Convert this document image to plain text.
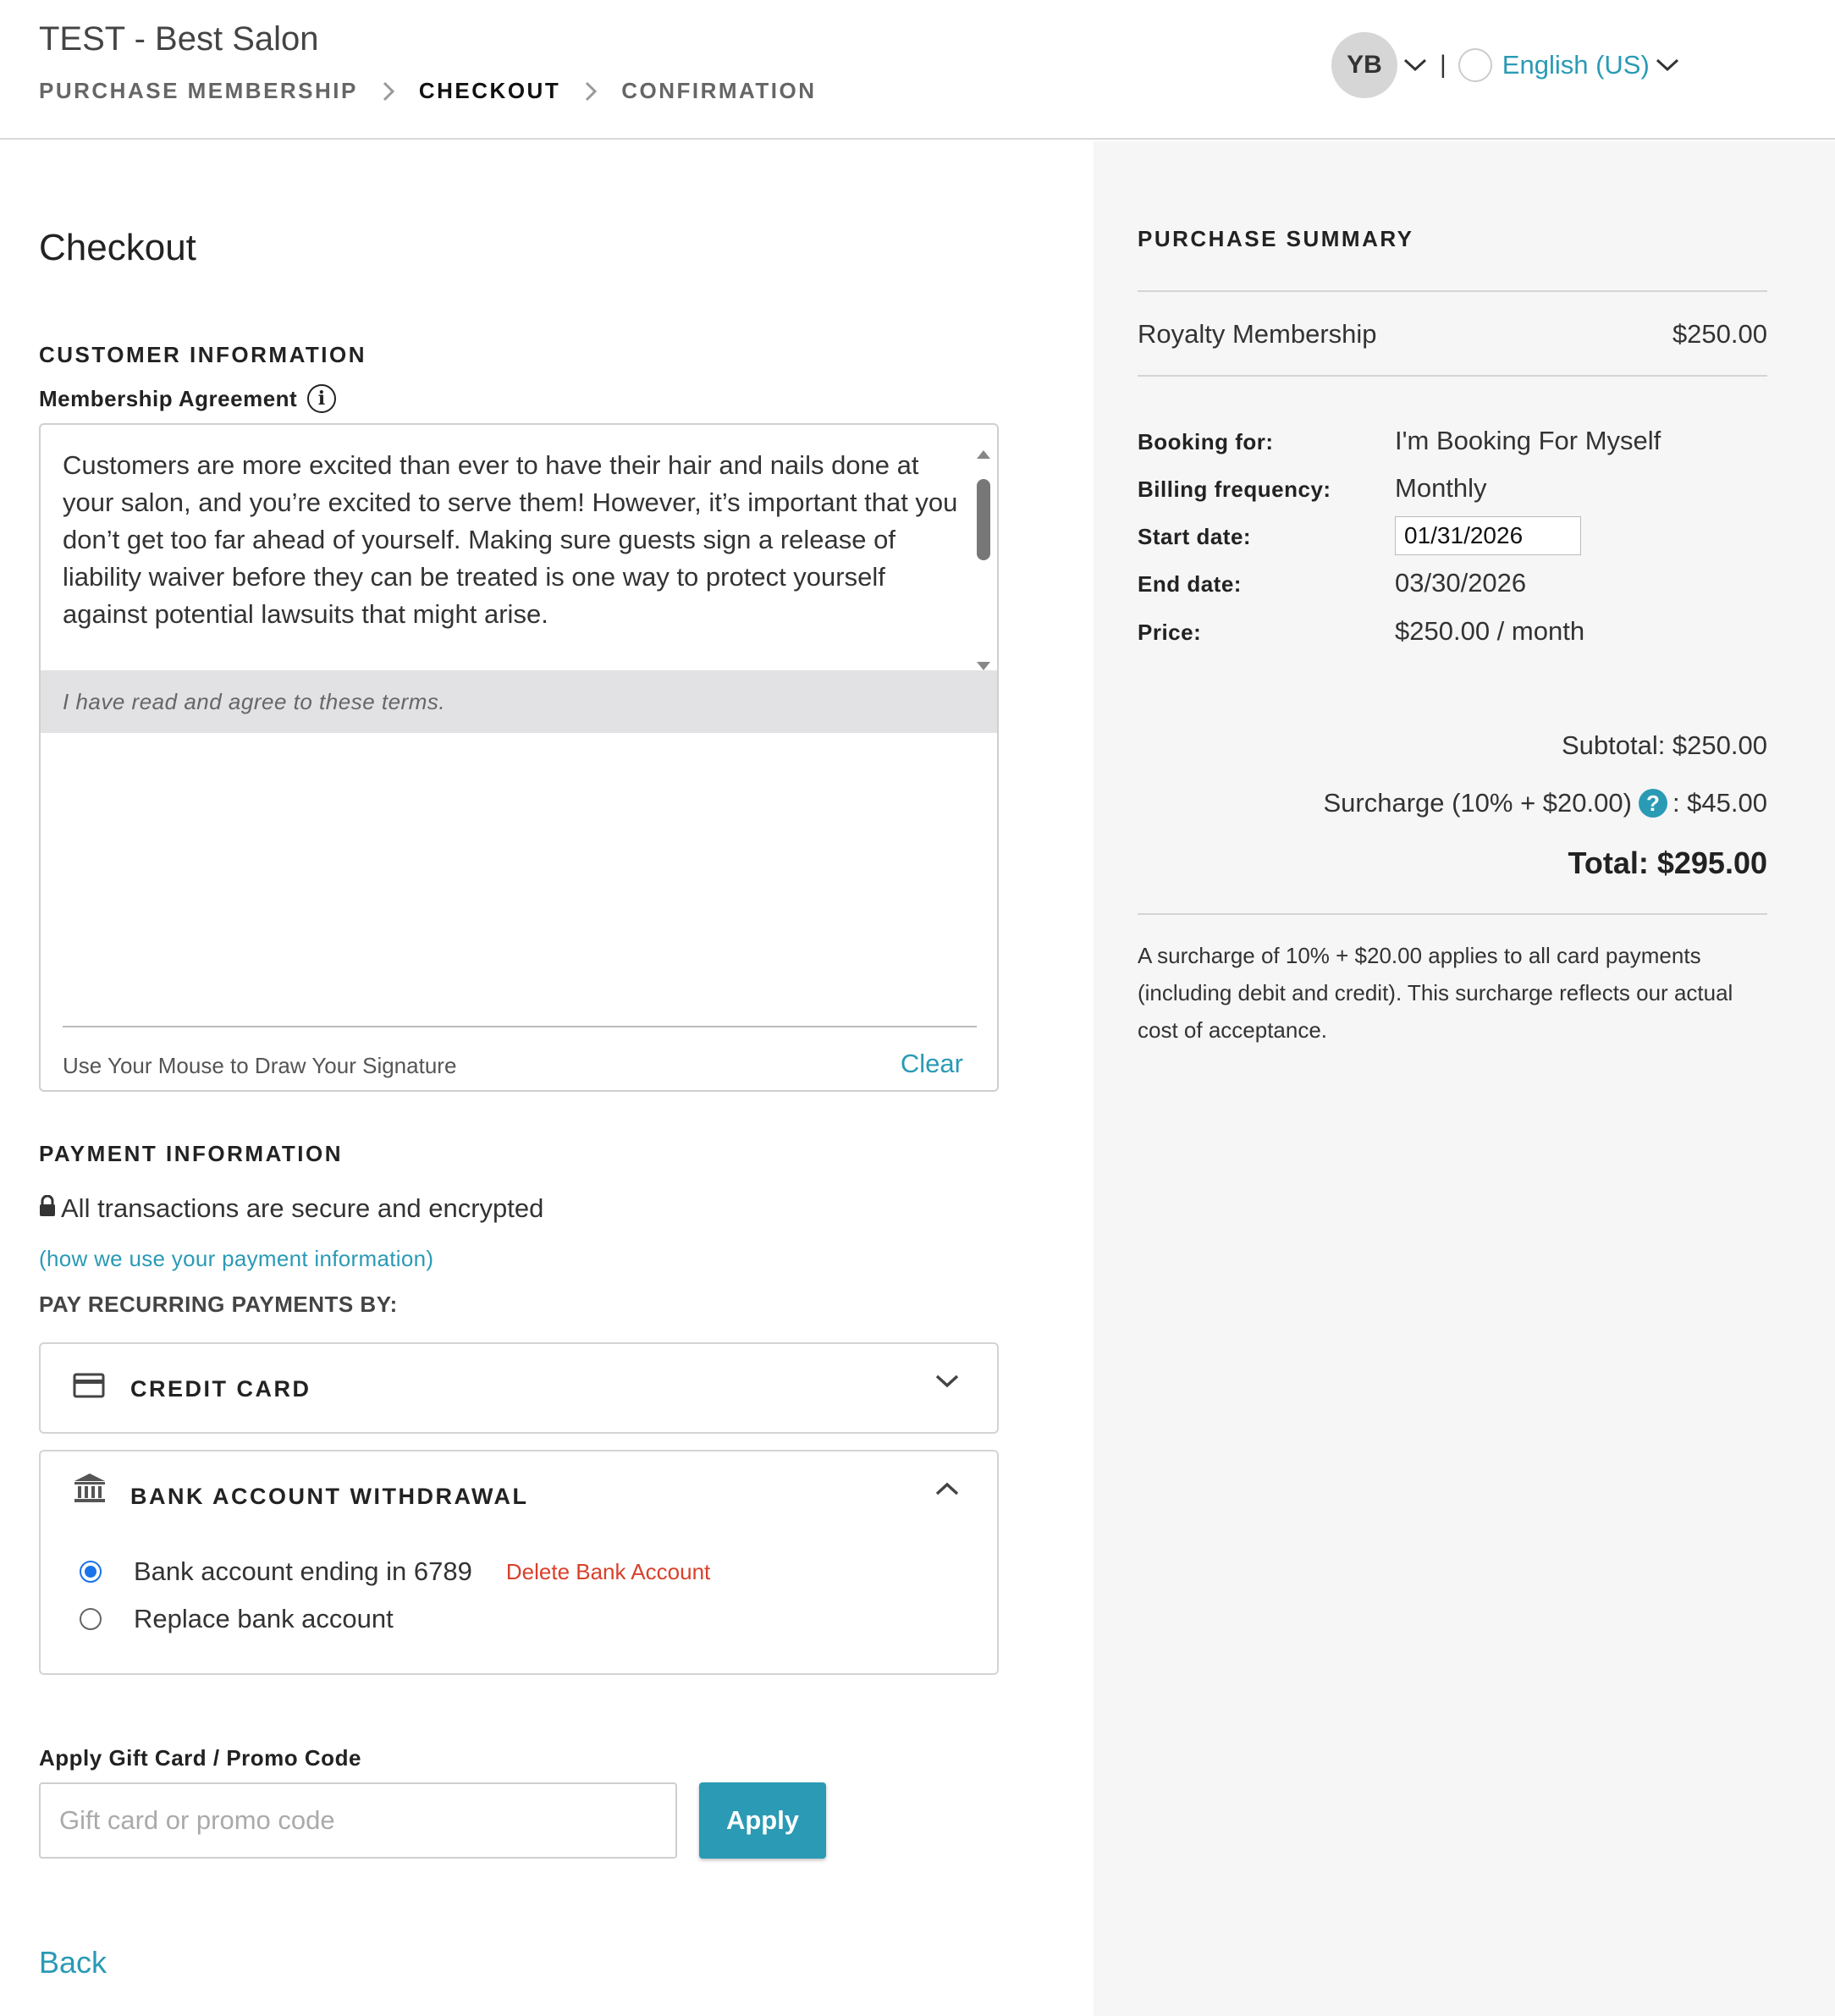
TEST - Best Salon
PURCHASE MEMBERSHIP	CHECKOUT	CONFIRMATION
YB	| English (US)
Checkout
CUSTOMER INFORMATION
Membership Agreement	i
Customers are more excited than ever to have their hair and nails done at your salon, and you’re excited to serve them! However, it’s important that you don’t get too far ahead of yourself. Making sure guests sign a release of liability waiver before they can be treated is one way to protect yourself against potential lawsuits that might arise.
I have read and agree to these terms.
Use Your Mouse to Draw Your Signature	Clear
PAYMENT INFORMATION
All transactions are secure and encrypted
(how we use your payment information)
PAY RECURRING PAYMENTS BY:
CREDIT CARD
BANK ACCOUNT WITHDRAWAL
Bank account ending in 6789 Delete Bank Account
Replace bank account
Apply Gift Card / Promo Code
Gift card or promo code
Apply
Back
PURCHASE SUMMARY
Royalty Membership	$250.00
Booking for:	I'm Booking For Myself
Billing frequency: Monthly
Start date:
01/31/2026
End date:	03/30/2026
Price:	$250.00 / month
Subtotal: $250.00
Surcharge (10% + $20.00) ? : $45.00
Total: $295.00
A surcharge of 10% + $20.00 applies to all card payments (including debit and credit). This surcharge reflects our actual cost of acceptance.
